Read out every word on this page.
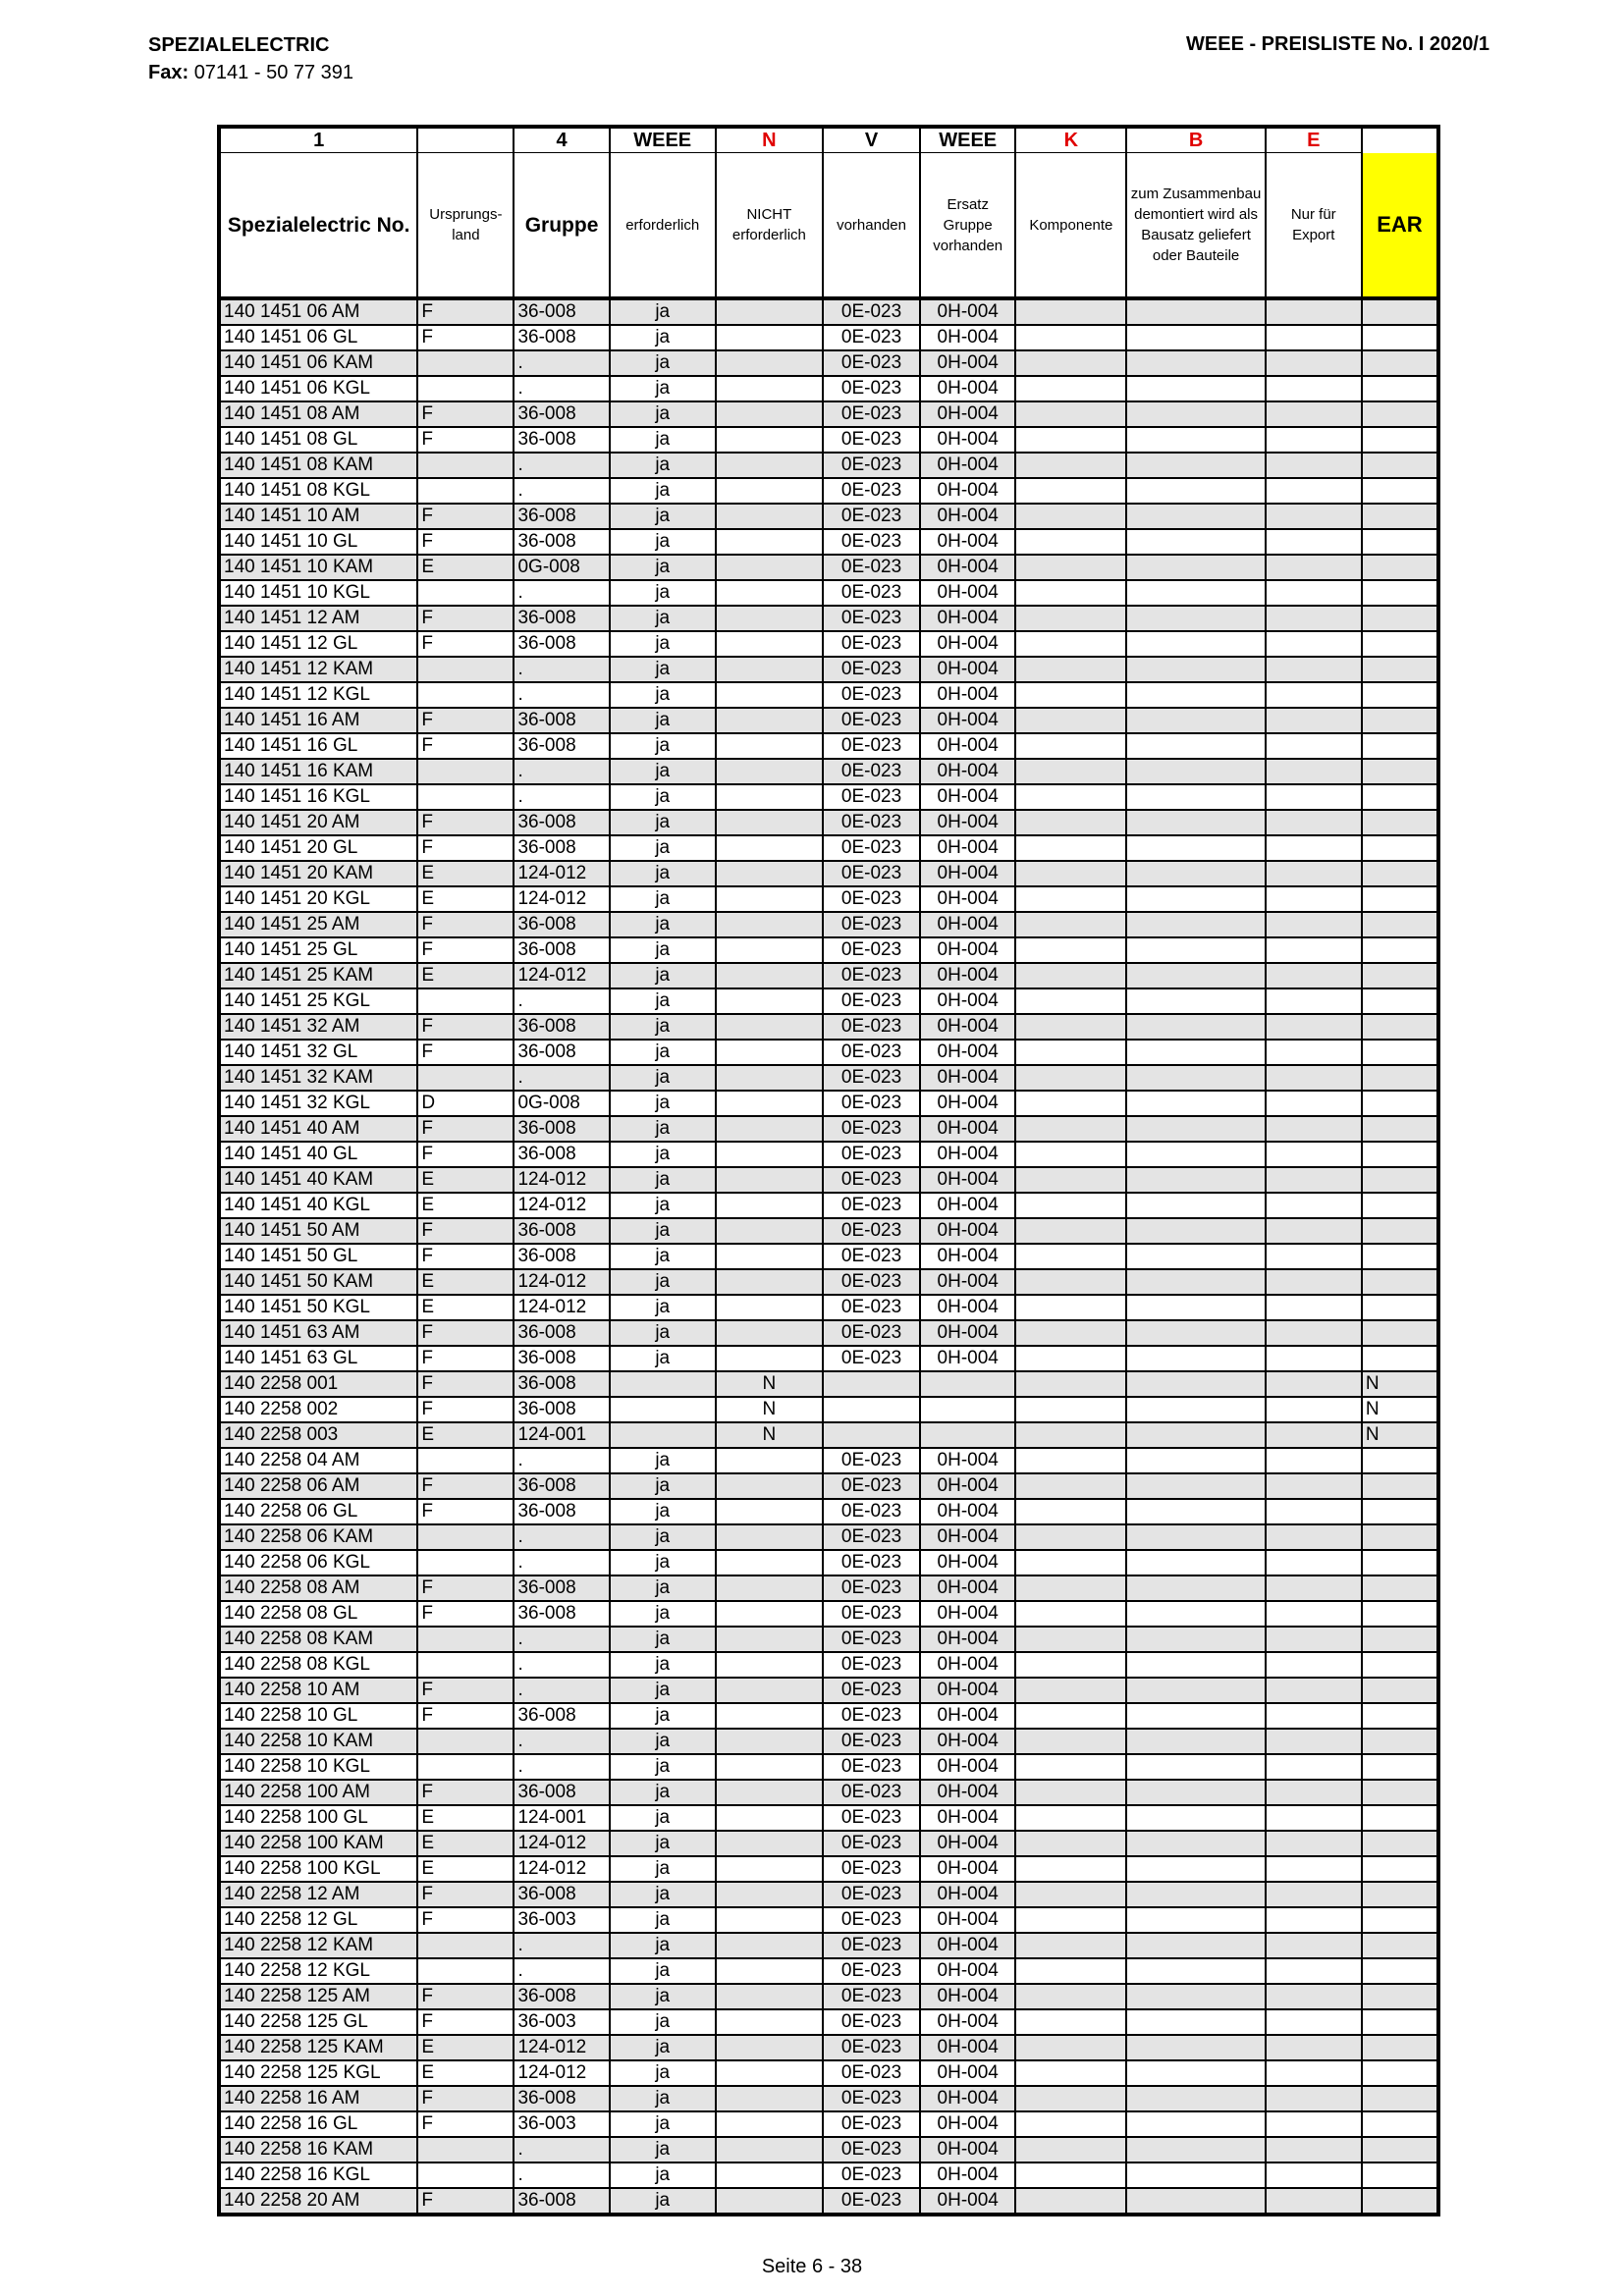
SPEZIALELECTRIC
Fax: 07141 - 50 77 391
WEEE - PREISLISTE No. I 2020/1
1		4	WEEE	N	V	WEEE	K	B	E	
Spezialelectric No.	Ursprungs-land	Gruppe	erforderlich	NICHT erforderlich	vorhanden	Ersatz Gruppe vorhanden	Komponente	zum Zusammenbau demontiert wird als Bausatz geliefert oder Bauteile	Nur für Export	EAR
140 1451 06 AM	F	36-008	ja		0E-023	0H-004				
140 1451 06 GL	F	36-008	ja		0E-023	0H-004				
140 1451 06 KAM		.	ja		0E-023	0H-004				
140 1451 06 KGL		.	ja		0E-023	0H-004				
140 1451 08 AM	F	36-008	ja		0E-023	0H-004				
140 1451 08 GL	F	36-008	ja		0E-023	0H-004				
140 1451 08 KAM		.	ja		0E-023	0H-004				
140 1451 08 KGL		.	ja		0E-023	0H-004				
140 1451 10 AM	F	36-008	ja		0E-023	0H-004				
140 1451 10 GL	F	36-008	ja		0E-023	0H-004				
140 1451 10 KAM	E	0G-008	ja		0E-023	0H-004				
140 1451 10 KGL		.	ja		0E-023	0H-004				
140 1451 12 AM	F	36-008	ja		0E-023	0H-004				
140 1451 12 GL	F	36-008	ja		0E-023	0H-004				
140 1451 12 KAM		.	ja		0E-023	0H-004				
140 1451 12 KGL		.	ja		0E-023	0H-004				
140 1451 16 AM	F	36-008	ja		0E-023	0H-004				
140 1451 16 GL	F	36-008	ja		0E-023	0H-004				
140 1451 16 KAM		.	ja		0E-023	0H-004				
140 1451 16 KGL		.	ja		0E-023	0H-004				
140 1451 20 AM	F	36-008	ja		0E-023	0H-004				
140 1451 20 GL	F	36-008	ja		0E-023	0H-004				
140 1451 20 KAM	E	124-012	ja		0E-023	0H-004				
140 1451 20 KGL	E	124-012	ja		0E-023	0H-004				
140 1451 25 AM	F	36-008	ja		0E-023	0H-004				
140 1451 25 GL	F	36-008	ja		0E-023	0H-004				
140 1451 25 KAM	E	124-012	ja		0E-023	0H-004				
140 1451 25 KGL		.	ja		0E-023	0H-004				
140 1451 32 AM	F	36-008	ja		0E-023	0H-004				
140 1451 32 GL	F	36-008	ja		0E-023	0H-004				
140 1451 32 KAM		.	ja		0E-023	0H-004				
140 1451 32 KGL	D	0G-008	ja		0E-023	0H-004				
140 1451 40 AM	F	36-008	ja		0E-023	0H-004				
140 1451 40 GL	F	36-008	ja		0E-023	0H-004				
140 1451 40 KAM	E	124-012	ja		0E-023	0H-004				
140 1451 40 KGL	E	124-012	ja		0E-023	0H-004				
140 1451 50 AM	F	36-008	ja		0E-023	0H-004				
140 1451 50 GL	F	36-008	ja		0E-023	0H-004				
140 1451 50 KAM	E	124-012	ja		0E-023	0H-004				
140 1451 50 KGL	E	124-012	ja		0E-023	0H-004				
140 1451 63 AM	F	36-008	ja		0E-023	0H-004				
140 1451 63 GL	F	36-008	ja		0E-023	0H-004				
140 2258 001	F	36-008		N						N
140 2258 002	F	36-008		N						N
140 2258 003	E	124-001		N						N
140 2258 04 AM		.	ja		0E-023	0H-004				
140 2258 06 AM	F	36-008	ja		0E-023	0H-004				
140 2258 06 GL	F	36-008	ja		0E-023	0H-004				
140 2258 06 KAM		.	ja		0E-023	0H-004				
140 2258 06 KGL		.	ja		0E-023	0H-004				
140 2258 08 AM	F	36-008	ja		0E-023	0H-004				
140 2258 08 GL	F	36-008	ja		0E-023	0H-004				
140 2258 08 KAM		.	ja		0E-023	0H-004				
140 2258 08 KGL		.	ja		0E-023	0H-004				
140 2258 10 AM	F	.	ja		0E-023	0H-004				
140 2258 10 GL	F	36-008	ja		0E-023	0H-004				
140 2258 10 KAM		.	ja		0E-023	0H-004				
140 2258 10 KGL		.	ja		0E-023	0H-004				
140 2258 100 AM	F	36-008	ja		0E-023	0H-004				
140 2258 100 GL	E	124-001	ja		0E-023	0H-004				
140 2258 100 KAM	E	124-012	ja		0E-023	0H-004				
140 2258 100 KGL	E	124-012	ja		0E-023	0H-004				
140 2258 12 AM	F	36-008	ja		0E-023	0H-004				
140 2258 12 GL	F	36-003	ja		0E-023	0H-004				
140 2258 12 KAM		.	ja		0E-023	0H-004				
140 2258 12 KGL		.	ja		0E-023	0H-004				
140 2258 125 AM	F	36-008	ja		0E-023	0H-004				
140 2258 125 GL	F	36-003	ja		0E-023	0H-004				
140 2258 125 KAM	E	124-012	ja		0E-023	0H-004				
140 2258 125 KGL	E	124-012	ja		0E-023	0H-004				
140 2258 16 AM	F	36-008	ja		0E-023	0H-004				
140 2258 16 GL	F	36-003	ja		0E-023	0H-004				
140 2258 16 KAM		.	ja		0E-023	0H-004				
140 2258 16 KGL		.	ja		0E-023	0H-004				
140 2258 20 AM	F	36-008	ja		0E-023	0H-004				
Seite 6 - 38
